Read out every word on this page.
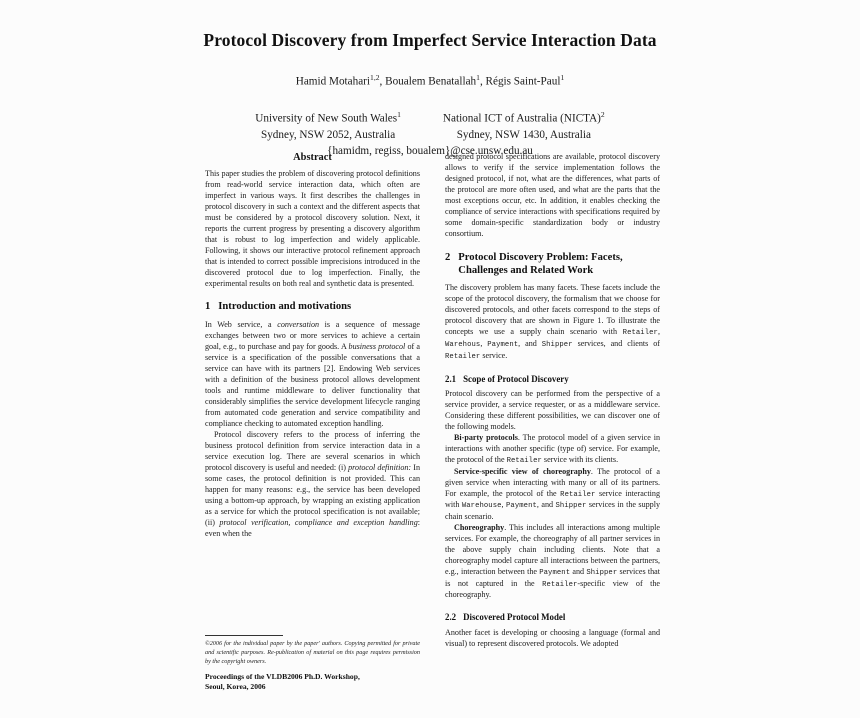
Protocol Discovery from Imperfect Service Interaction Data
Hamid Motahari$^{1,2}$, Boualem Benatallah$^1$, Régis Saint-Paul$^1$
University of New South Wales$^1$
Sydney, NSW 2052, Australia
National ICT of Australia (NICTA)$^2$
Sydney, NSW 1430, Australia
{hamidm, regiss, boualem}@cse.unsw.edu.au
Abstract

This paper studies the problem of discovering protocol definitions from read-world service interaction data, which often are imperfect in various ways. It first describes the challenges in protocol discovery in such a context and the different aspects that must be considered by a protocol discovery solution. Next, it reports the current progress by presenting a discovery algorithm that is robust to log imperfection and widely applicable. Following, it shows our interactive protocol refinement approach that is intended to correct possible imprecisions introduced in the discovered protocol due to log imperfection. Finally, the experimental results on both real and synthetic data is presented.

1 Introduction and motivations

In Web service, a conversation is a sequence of message exchanges between two or more services to achieve a certain goal, e.g., to purchase and pay for goods. A business protocol of a service is a specification of the possible conversations that a service can have with its partners [2]. Endowing Web services with a definition of the business protocol allows development tools and runtime middleware to deliver functionality that considerably simplifies the service development lifecycle ranging from automated code generation and service compatibility and compliance checking to automated exception handling.

Protocol discovery refers to the process of inferring the business protocol definition from service interaction data in a service execution log. There are several scenarios in which protocol discovery is useful and needed: (i) protocol definition: In some cases, the protocol definition is not provided. This can happen for many reasons: e.g., the service has been developed using a bottom-up approach, by wrapping an existing application as a service for which the protocol specification is not available; (ii) protocol verification, compliance and exception handling: even when the

©2006 for the individual paper by the paper' authors. Copying permitted for private and scientific purposes. Re-publication of material on this page requires permission by the copyright owners.

Proceedings of the VLDB2006 Ph.D. Workshop,
Seoul, Korea, 2006

designed protocol specifications are available, protocol discovery allows to verify if the service implementation follows the designed protocol, if not, what are the differences, what parts of the protocol are more often used, and what are the parts that the most exceptions occur, etc. In addition, it enables checking the compliance of service interactions with specifications required by some domain-specific standardization body or industry consortium.

2 Protocol Discovery Problem: Facets, Challenges and Related Work

The discovery problem has many facets. These facets include the scope of the protocol discovery, the formalism that we choose for discovered protocols, and other facets correspond to the steps of protocol discovery that are shown in Figure 1. To illustrate the concepts we use a supply chain scenario with Retailer, Warehous, Payment, and Shipper services, and clients of Retailer service.

2.1 Scope of Protocol Discovery

Protocol discovery can be performed from the perspective of a service provider, a service requester, or as a middleware service. Considering these different possibilities, we can discover one of the following models.

Bi-party protocols. The protocol model of a given service in interactions with another specific (type of) service. For example, the protocol of the Retailer service with its clients.

Service-specific view of choreography. The protocol of a given service when interacting with many or all of its partners. For example, the protocol of the Retailer service interacting with Warehouse, Payment, and Shipper services in the supply chain scenario.

Choreography. This includes all interactions among multiple services. For example, the choreography of all partner services in the above supply chain including clients. Note that a choreography model capture all interactions between the partners, e.g., interaction between the Payment and Shipper services that is not captured in the Retailer-specific view of the choreography.

2.2 Discovered Protocol Model

Another facet is developing or choosing a language (formal and visual) to represent discovered protocols. We adopted
